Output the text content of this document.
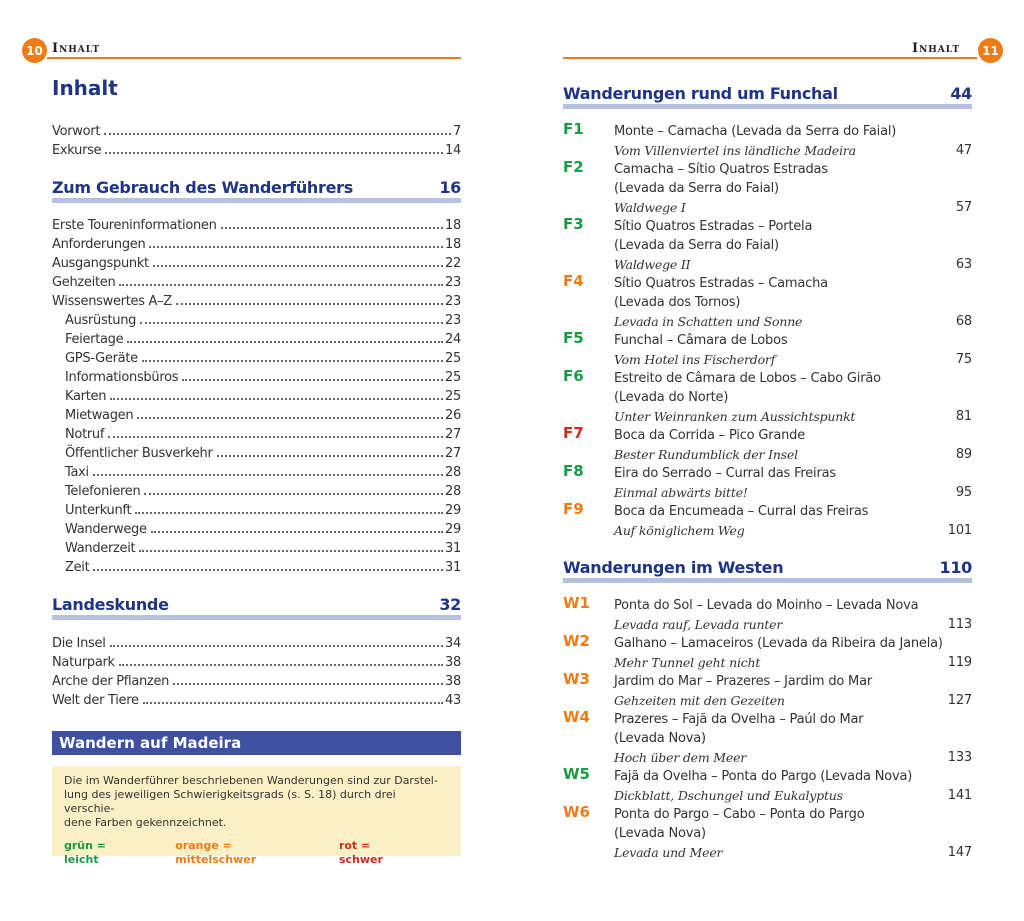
10 Inhalt
Inhalt
Vorwort	7
Exkurse	14
Zum Gebrauch des Wanderführers	16
Erste Toureninformationen	18
Anforderungen	18
Ausgangspunkt	22
Gehzeiten	23
Wissenswertes A–Z	23
Ausrüstung	23
Feiertage	24
GPS-Geräte	25
Informationsbüros	25
Karten	25
Mietwagen	26
Notruf	27
Öffentlicher Busverkehr	27
Taxi	28
Telefonieren	28
Unterkunft	29
Wanderwege	29
Wanderzeit	31
Zeit	31
Landeskunde	32
Die Insel	34
Naturpark	38
Arche der Pflanzen	38
Welt der Tiere	43
Wandern auf Madeira
Die im Wanderführer beschriebenen Wanderungen sind zur Darstel-
lung des jeweiligen Schwierigkeitsgrads (s. S. 18) durch drei verschie-
dene Farben gekennzeichnet.
grün = leicht
orange = mittelschwer
rot = schwer
Inhalt	11
Wanderungen rund um Funchal	44
F1 Monte – Camacha (Levada da Serra do Faial)
Vom Villenviertel ins ländliche Madeira	47
F2 Camacha – Sítio Quatros Estradas
(Levada da Serra do Faial)
Waldwege I	57
F3 Sítio Quatros Estradas – Portela
(Levada da Serra do Faial)
Waldwege II	63
F4 Sítio Quatros Estradas – Camacha
(Levada dos Tornos)
Levada in Schatten und Sonne	68
F5 Funchal – Câmara de Lobos
Vom Hotel ins Fischerdorf	75
F6 Estreito de Câmara de Lobos – Cabo Girão
(Levada do Norte)
Unter Weinranken zum Aussichtspunkt	81
F7 Boca da Corrida – Pico Grande
Bester Rundumblick der Insel	89
F8 Eira do Serrado – Curral das Freiras
Einmal abwärts bitte!	95
F9 Boca da Encumeada – Curral das Freiras
Auf königlichem Weg	101
Wanderungen im Westen	110
W1 Ponta do Sol – Levada do Moinho – Levada Nova
Levada rauf, Levada runter	113
W2 Galhano – Lamaceiros (Levada da Ribeira da Janela)
Mehr Tunnel geht nicht	119
W3 Jardim do Mar – Prazeres – Jardim do Mar
Gehzeiten mit den Gezeiten	127
W4 Prazeres – Fajã da Ovelha – Paúl do Mar
(Levada Nova)
Hoch über dem Meer	133
W5 Fajã da Ovelha – Ponta do Pargo (Levada Nova)
Dickblatt, Dschungel und Eukalyptus	141
W6 Ponta do Pargo – Cabo – Ponta do Pargo
(Levada Nova)
Levada und Meer	147
